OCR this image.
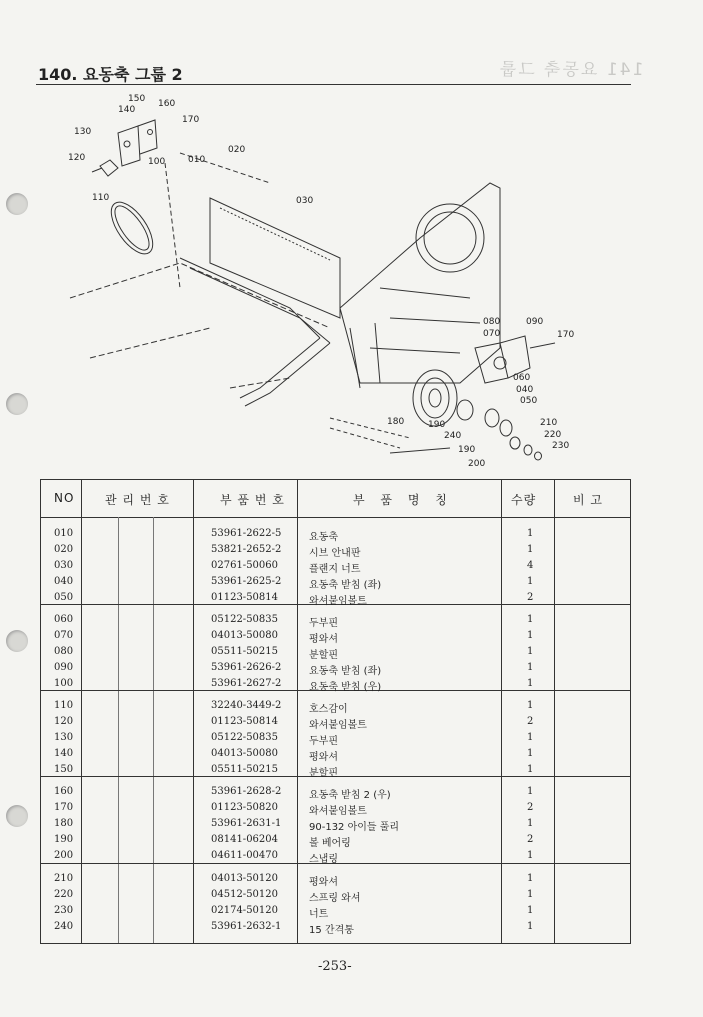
141 요동축 그룹
140. 요동축 그룹 2
150 160
140
170
130
120	100
110
010
020
030
080	090
070	170
060
040
050
180	190
240
210
220
230
190
200
NO	관 리 번 호	부 품 번 호	부 품 명 칭	수량	비 고
010	53961-2622-5	요동축	1
020	53821-2652-2	시브 안내판	1
030	02761-50060	플랜지 너트	4
040	53961-2625-2	요동축 받침 (좌)	1
050	01123-50814	와셔붙임볼트	2
060	05122-50835	두부핀	1
070	04013-50080	평와셔	1
080	05511-50215	분할핀	1
090	53961-2626-2	요동축 받침 (좌)	1
100	53961-2627-2	요동축 받침 (우)	1
110	32240-3449-2	호스감이	1
120	01123-50814	와셔붙임볼트	2
130	05122-50835	두부핀	1
140	04013-50080	평와셔	1
150	05511-50215	분할핀	1
160	53961-2628-2	요동축 받침 2 (우)	1
170	01123-50820	와셔붙임볼트	2
180	53961-2631-1	90-132 아이들 풀리	1
190	08141-06204	볼 베어링	2
200	04611-00470	스냅링	1
210	04013-50120	평와셔	1
220	04512-50120	스프링 와셔	1
230	02174-50120	너트	1
240	53961-2632-1	15 간격통	1
-253-
